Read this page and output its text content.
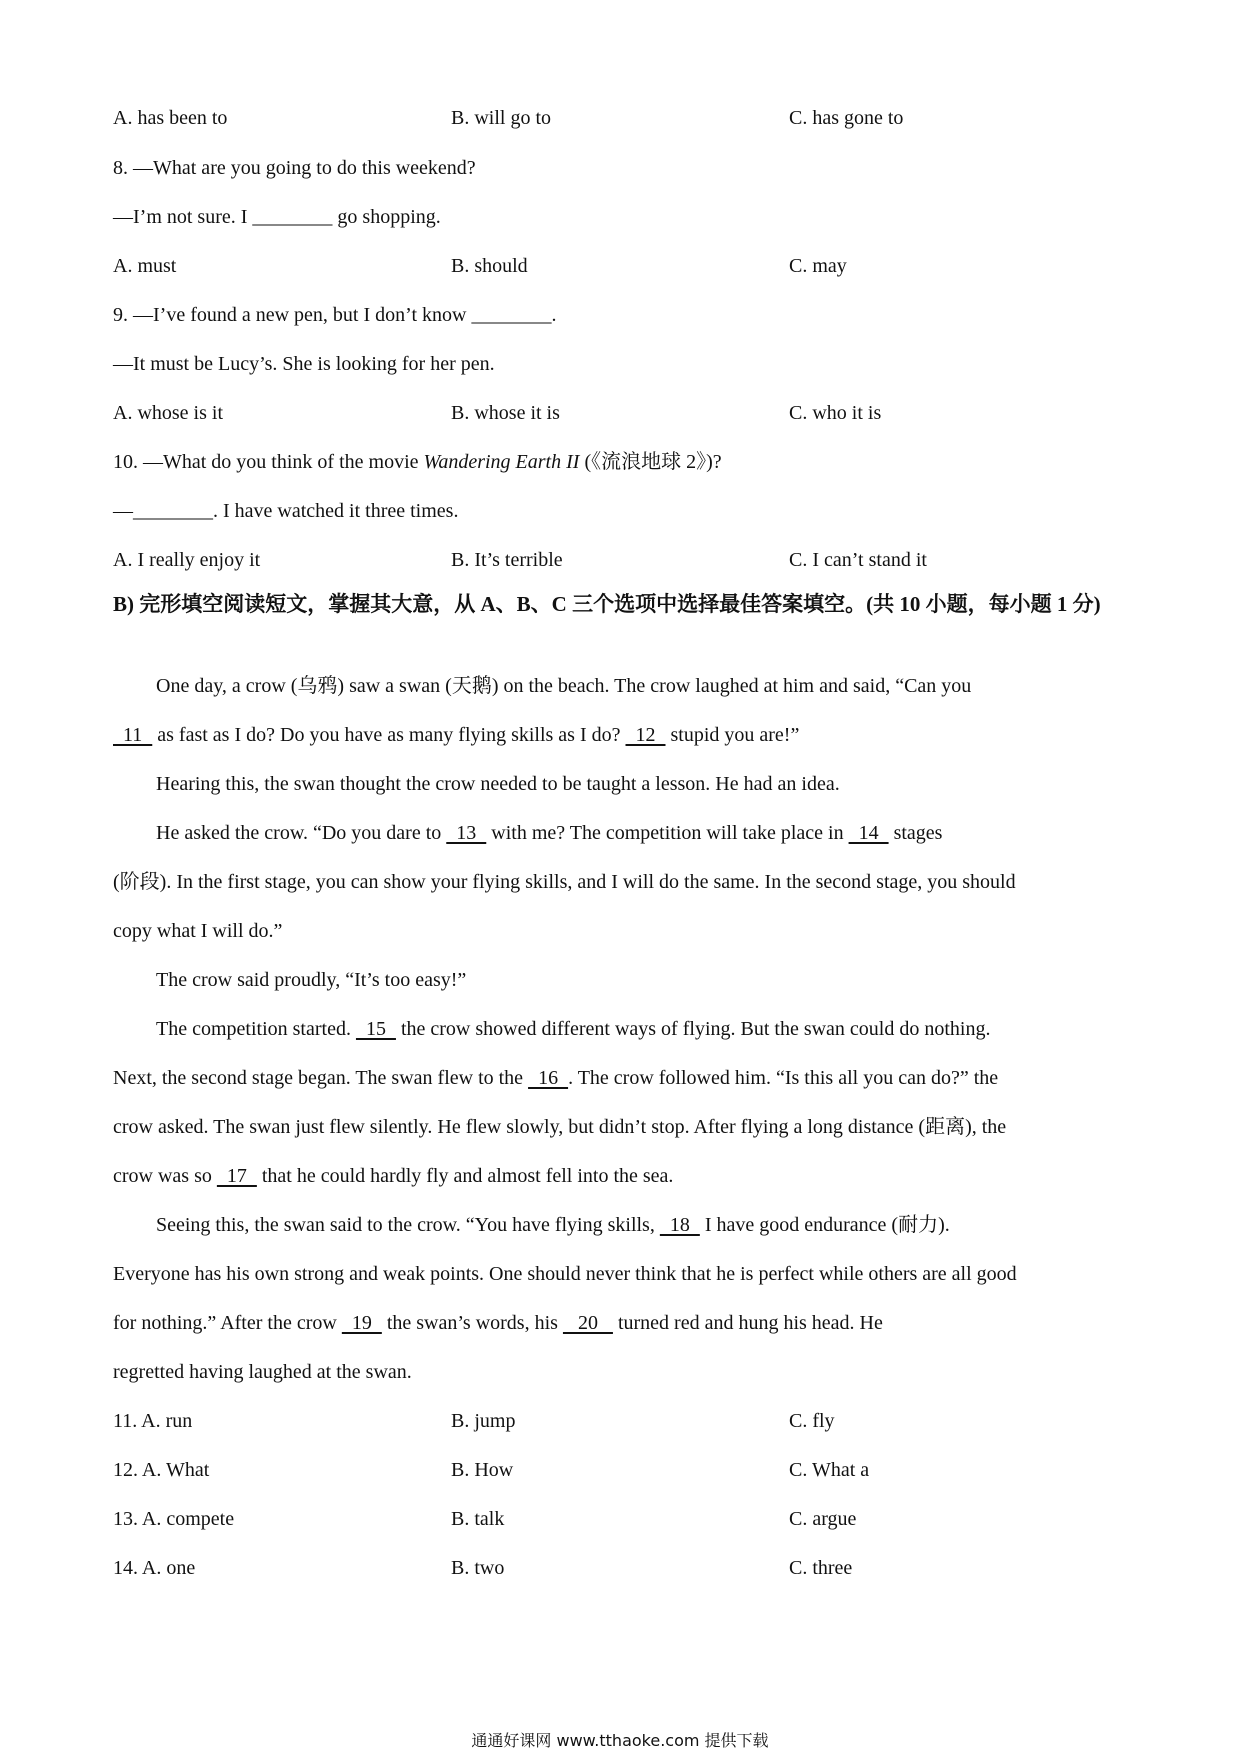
A. has been to	B. will go to	C. has gone to
8. —What are you going to do this weekend?
—I’m not sure. I ________ go shopping.
A. must	B. should	C. may
9. —I’ve found a new pen, but I don’t know ________.
—It must be Lucy’s. She is looking for her pen.
A. whose is it	B. whose it is	C. who it is
10. —What do you think of the movie Wandering Earth II (《流浪地球 2》)?
—________. I have watched it three times.
A. I really enjoy it	B. It’s terrible	C. I can’t stand it
B) 完形填空阅读短文，掌握其大意，从 A、B、C 三个选项中选择最佳答案填空。(共 10 小题，每小题 1 分)
One day, a crow (乌鸦) saw a swan (天鹅) on the beach. The crow laughed at him and said, “Can you
11   as fast as I do? Do you have as many flying skills as I do?   12   stupid you are!”
Hearing this, the swan thought the crow needed to be taught a lesson. He had an idea.
He asked the crow. “Do you dare to   13   with me? The competition will take place in   14   stages
(阶段). In the first stage, you can show your flying skills, and I will do the same. In the second stage, you should
copy what I will do.”
The crow said proudly, “It’s too easy!”
The competition started.   15   the crow showed different ways of flying. But the swan could do nothing.
Next, the second stage began. The swan flew to the   16  . The crow followed him. “Is this all you can do?” the
crow asked. The swan just flew silently. He flew slowly, but didn’t stop. After flying a long distance (距离), the
crow was so   17   that he could hardly fly and almost fell into the sea.
Seeing this, the swan said to the crow. “You have flying skills,   18   I have good endurance (耐力).
Everyone has his own strong and weak points. One should never think that he is perfect while others are all good
for nothing.” After the crow   19   the swan’s words, his    20    turned red and hung his head. He
regretted having laughed at the swan.
11. A. run	B. jump	C. fly
12. A. What	B. How	C. What a
13. A. compete	B. talk	C. argue
14. A. one	B. two	C. three
通通好课网 www.tthaoke.com 提供下载
